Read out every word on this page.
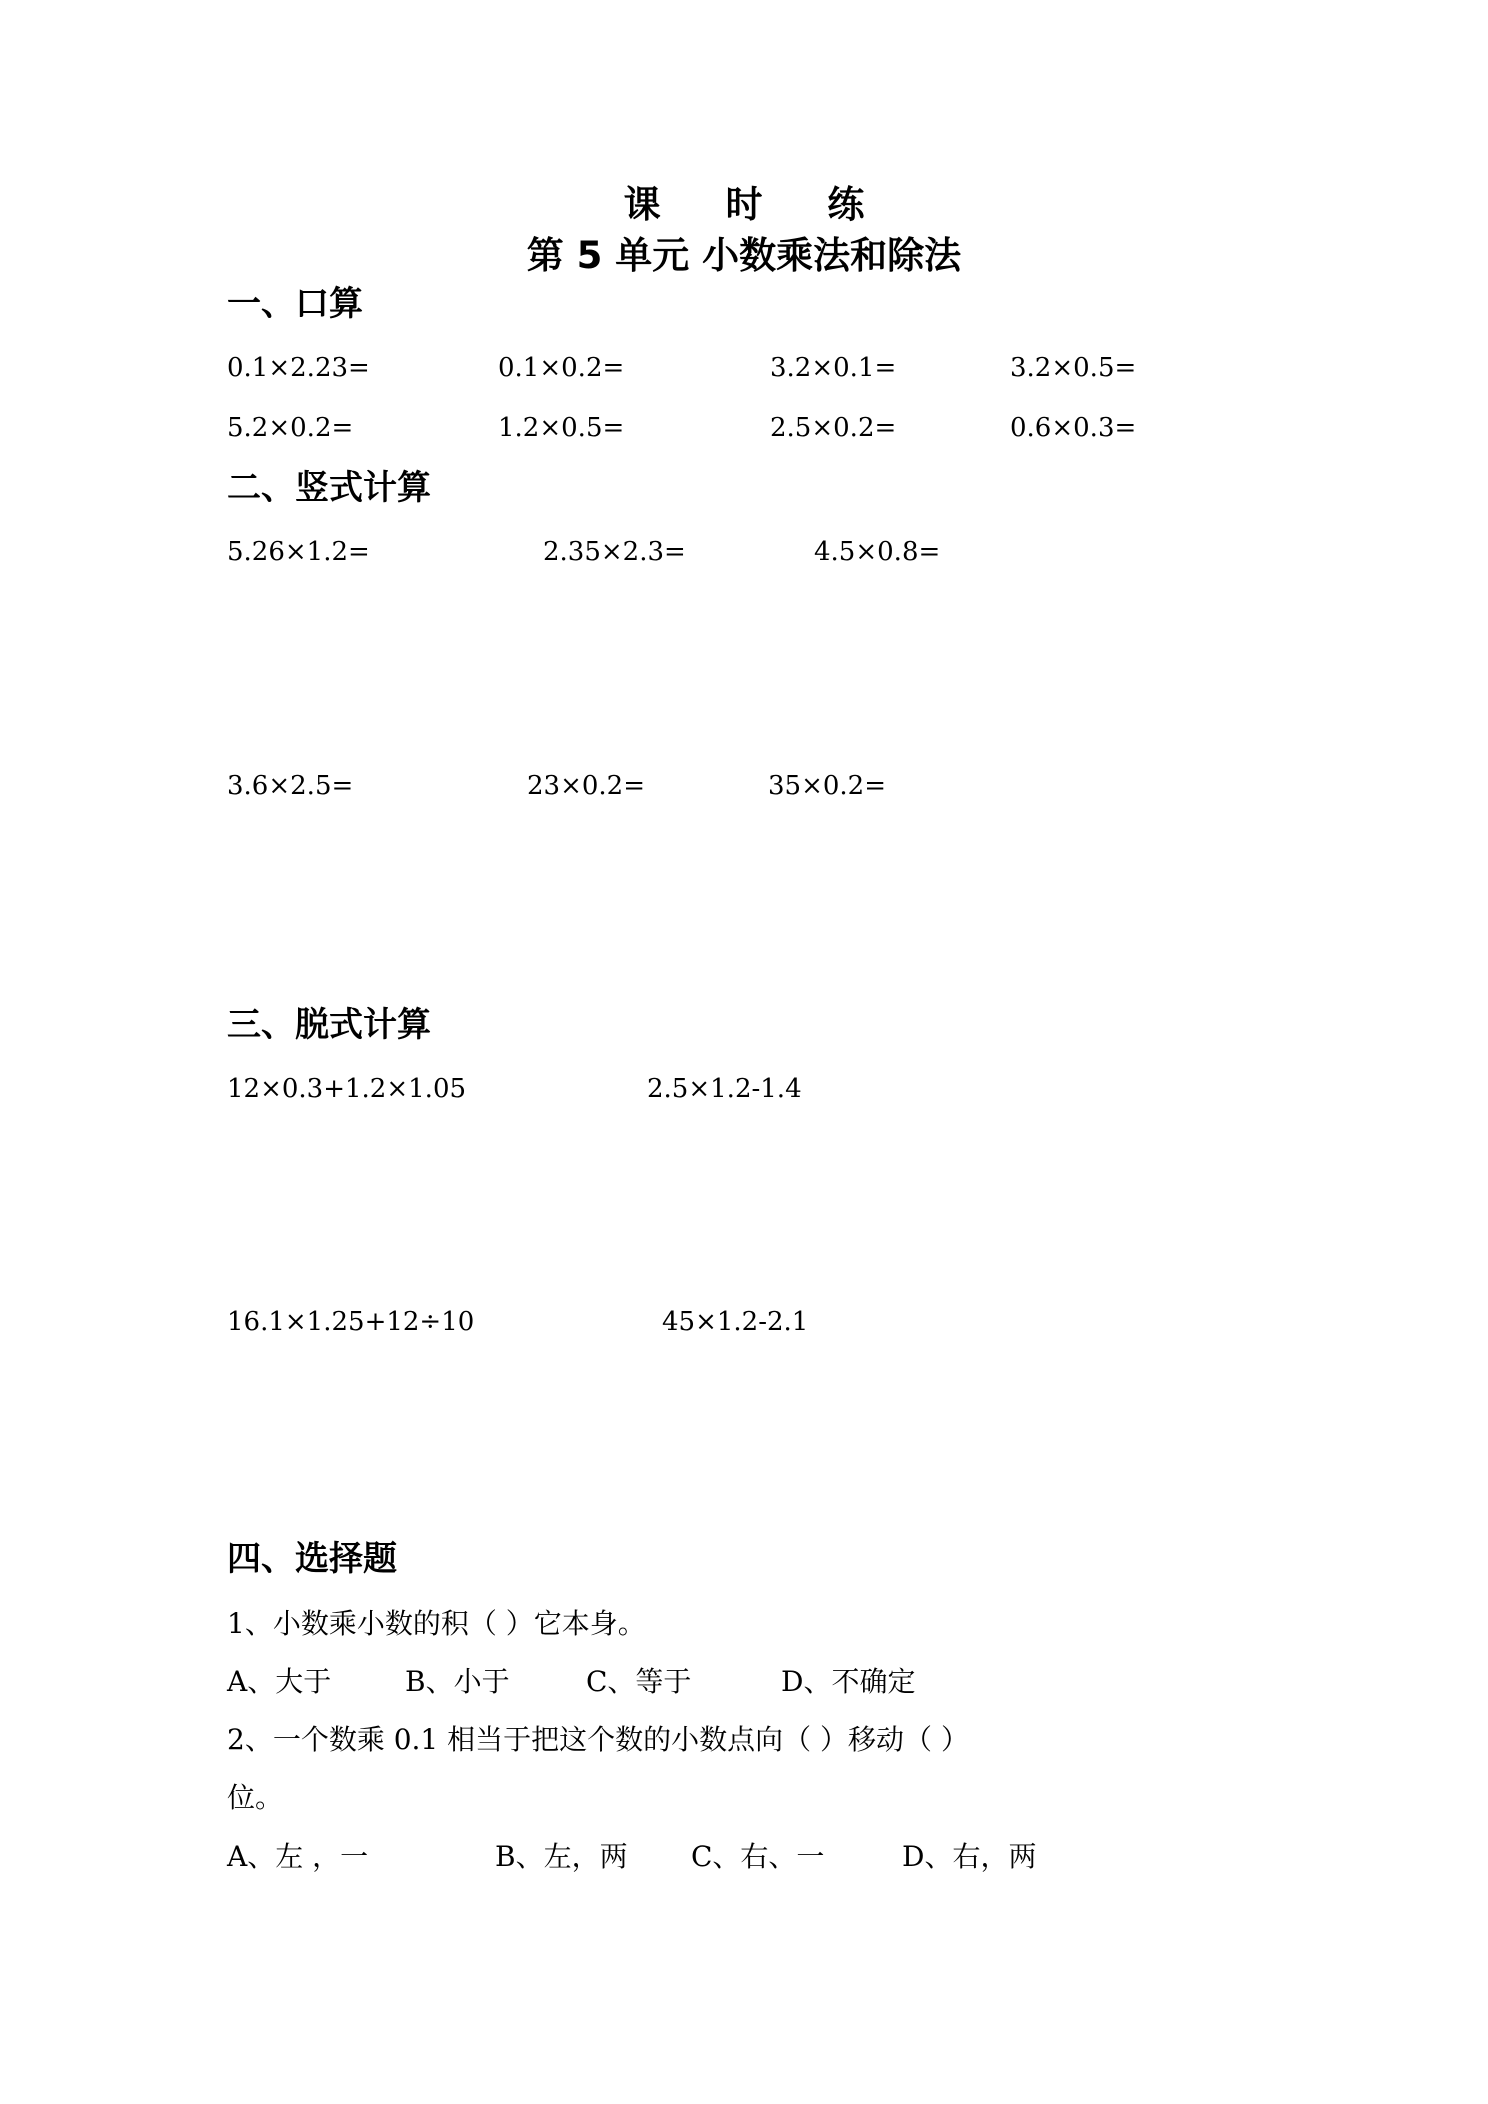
课 时 练
第 5 单元 小数乘法和除法
一、口算
0.1×2.23=	0.1×0.2=	3.2×0.1=	3.2×0.5=
5.2×0.2=	1.2×0.5=	2.5×0.2=	0.6×0.3=
二、竖式计算
5.26×1.2=	2.35×2.3=	4.5×0.8=
3.6×2.5=	23×0.2=	35×0.2=
三、脱式计算
12×0.3+1.2×1.05	2.5×1.2-1.4
16.1×1.25+12÷10	45×1.2-2.1
四、选择题
1、小数乘小数的积（ ）它本身。
A、大于	B、小于	C、等于	D、不确定
2、一个数乘 0.1 相当于把这个数的小数点向（ ）移动（ ）
位。
A、左 ，一	B、左，两 C、右、一	D、右，两
